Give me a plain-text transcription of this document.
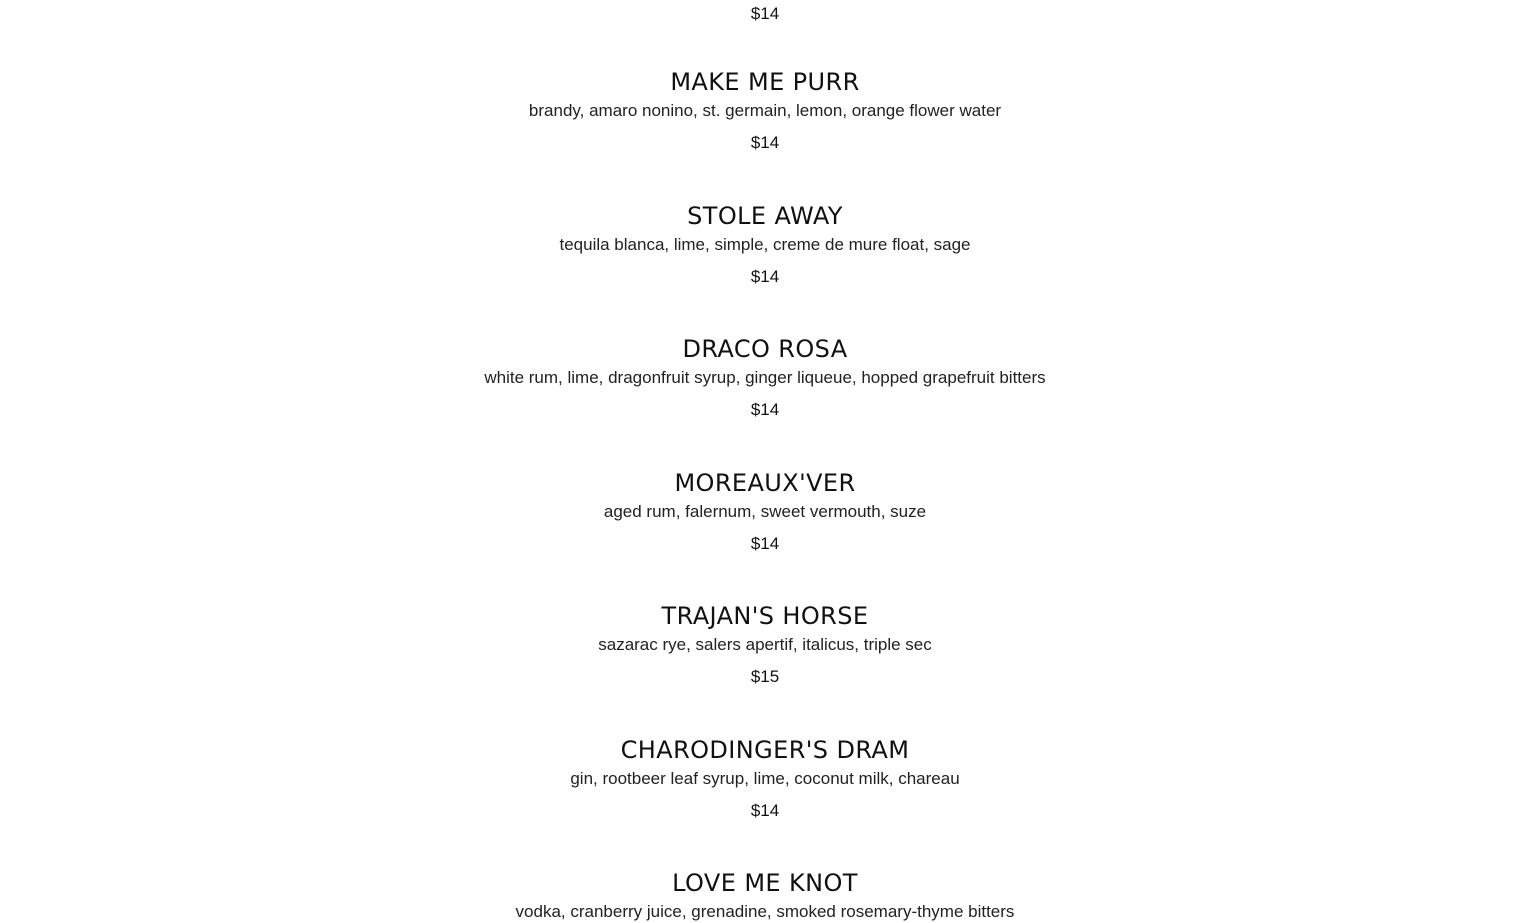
$14
MAKE ME PURR
brandy, amaro nonino, st. germain, lemon, orange flower water
$14
STOLE AWAY
tequila blanca, lime, simple, creme de mure float, sage
$14
DRACO ROSA
white rum, lime, dragonfruit syrup, ginger liqueue, hopped grapefruit bitters
$14
MOREAUX'VER
aged rum, falernum, sweet vermouth, suze
$14
TRAJAN'S HORSE
sazarac rye, salers apertif, italicus, triple sec
$15
CHARODINGER'S DRAM
gin, rootbeer leaf syrup, lime, coconut milk, chareau
$14
LOVE ME KNOT
vodka, cranberry juice, grenadine, smoked rosemary-thyme bitters
